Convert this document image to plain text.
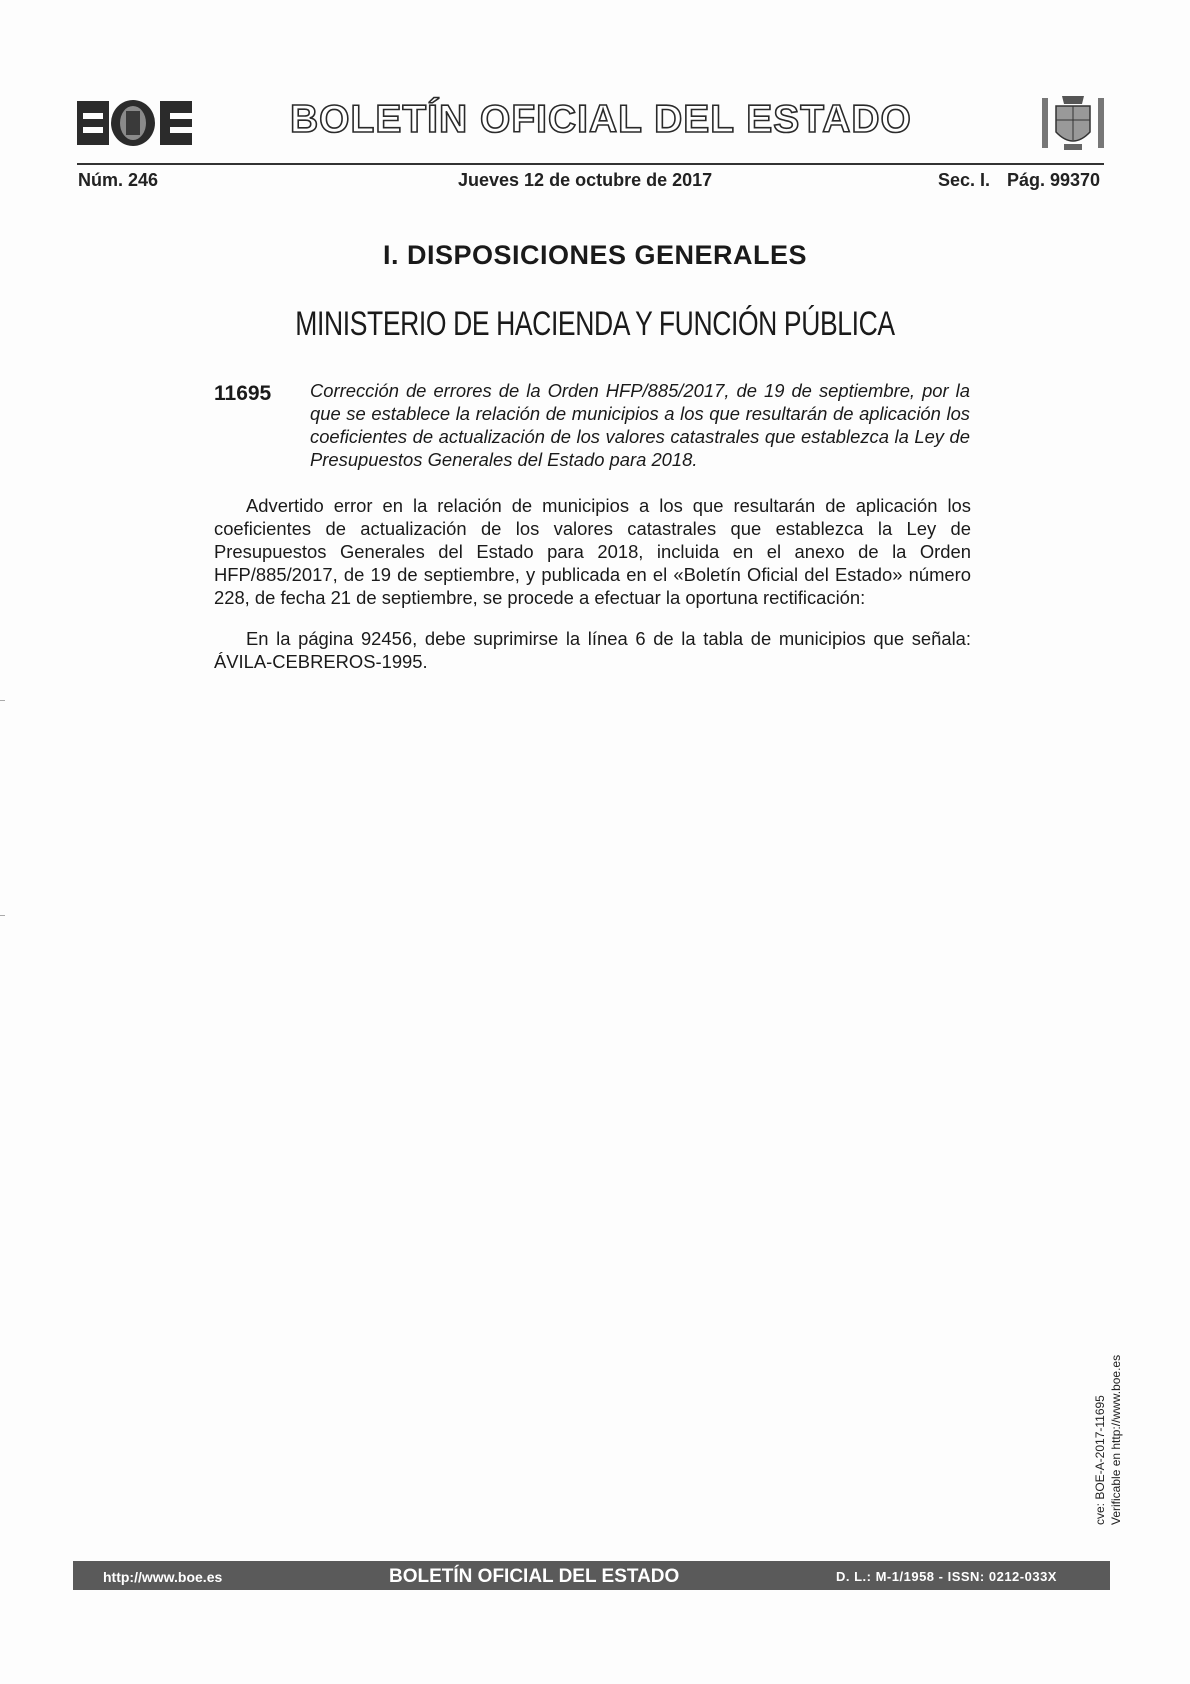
BOLETÍN OFICIAL DEL ESTADO
Núm. 246	Jueves 12 de octubre de 2017	Sec. I. Pág. 99370
I. DISPOSICIONES GENERALES
MINISTERIO DE HACIENDA Y FUNCIÓN PÚBLICA
11695 Corrección de errores de la Orden HFP/885/2017, de 19 de septiembre, por la que se establece la relación de municipios a los que resultarán de aplicación los coeficientes de actualización de los valores catastrales que establezca la Ley de Presupuestos Generales del Estado para 2018.
Advertido error en la relación de municipios a los que resultarán de aplicación los coeficientes de actualización de los valores catastrales que establezca la Ley de Presupuestos Generales del Estado para 2018, incluida en el anexo de la Orden HFP/885/2017, de 19 de septiembre, y publicada en el «Boletín Oficial del Estado» número 228, de fecha 21 de septiembre, se procede a efectuar la oportuna rectificación:
En la página 92456, debe suprimirse la línea 6 de la tabla de municipios que señala: ÁVILA-CEBREROS-1995.
cve: BOE-A-2017-11695 Verificable en http://www.boe.es
http://www.boe.es	BOLETÍN OFICIAL DEL ESTADO	D. L.: M-1/1958 - ISSN: 0212-033X
